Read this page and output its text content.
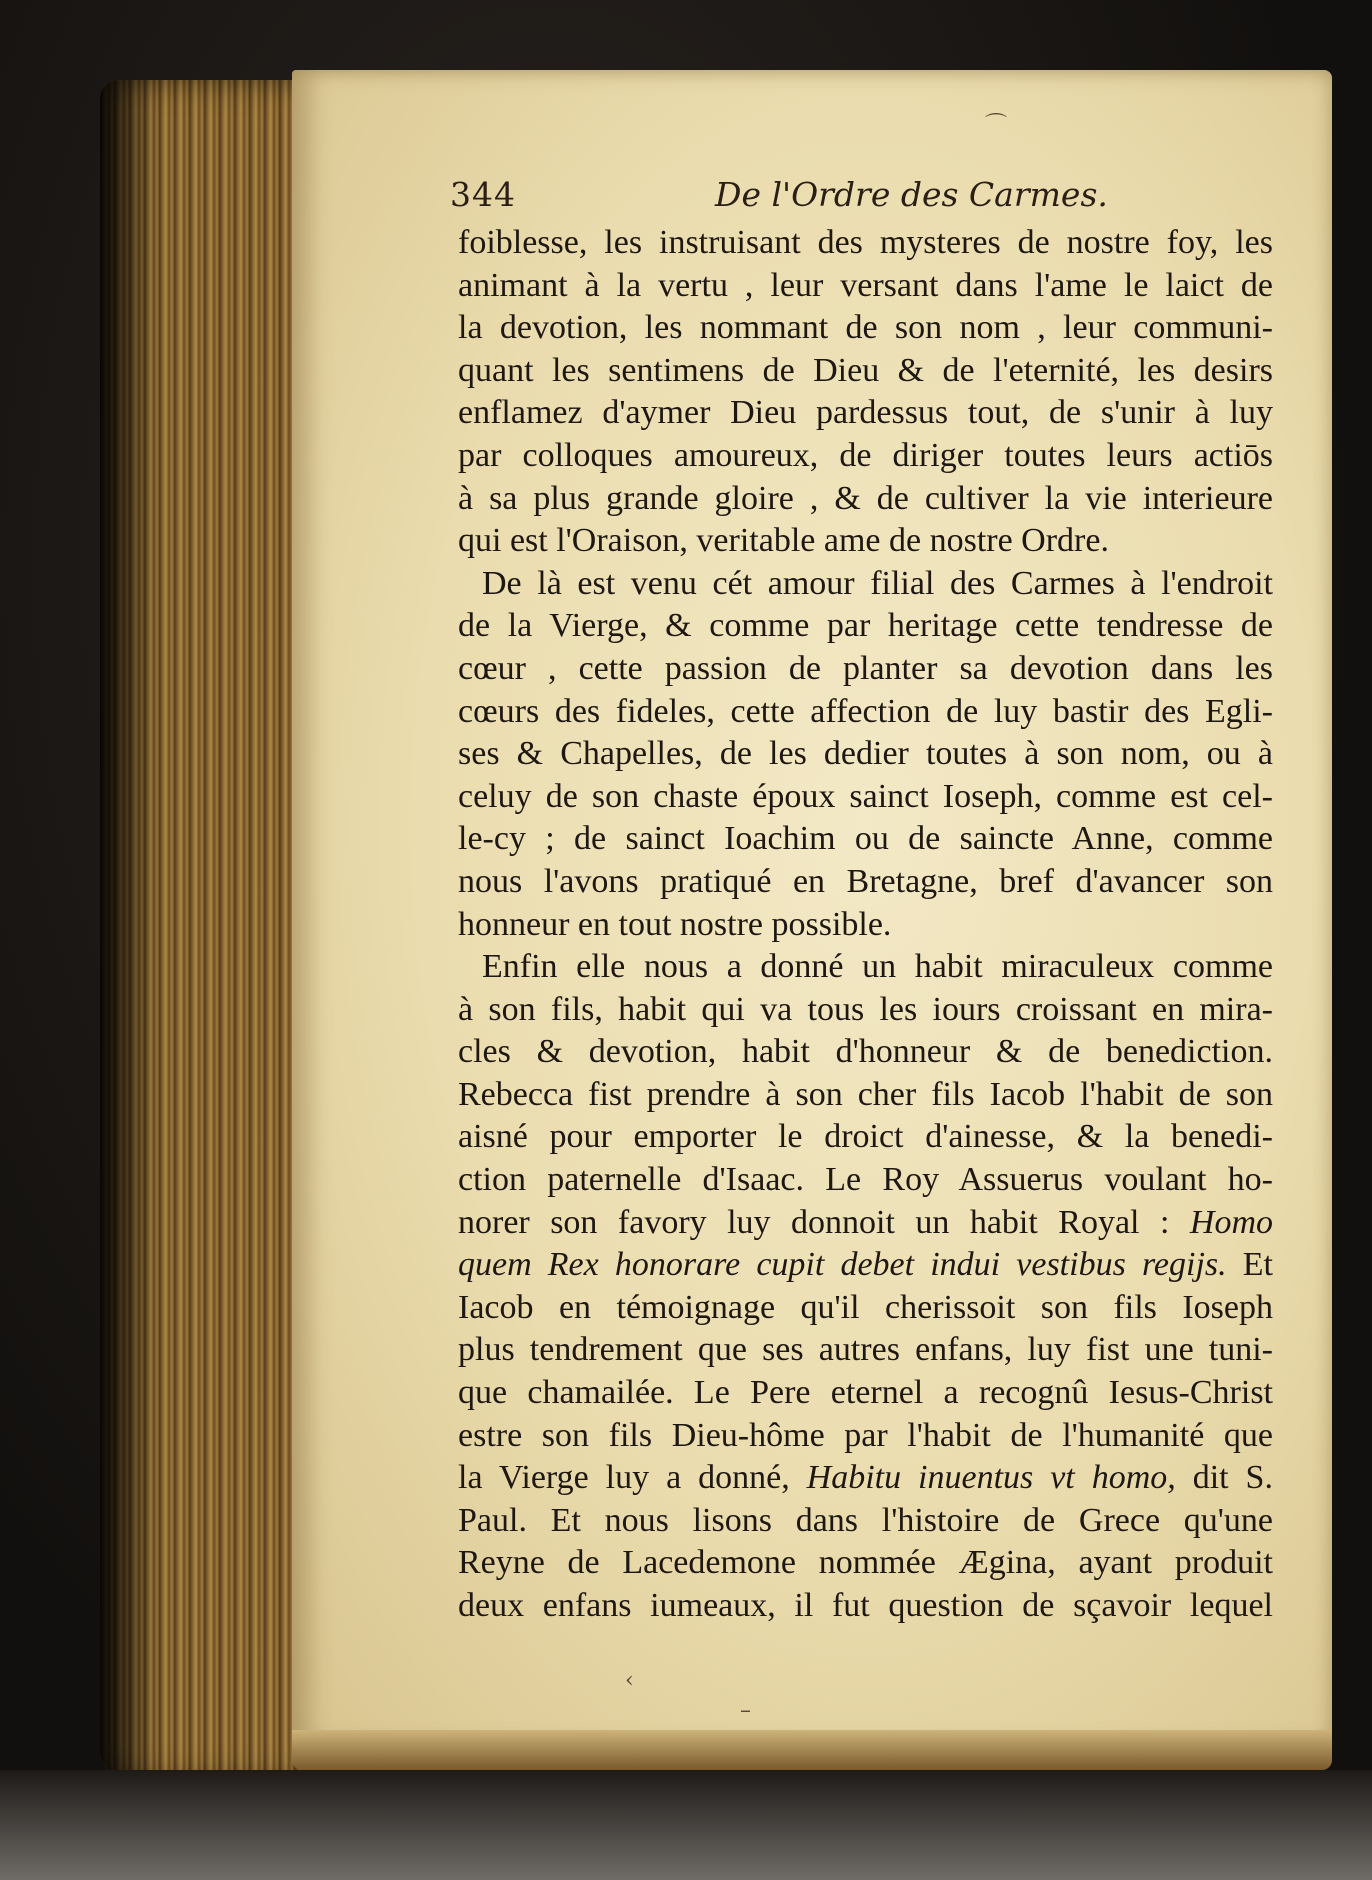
344	De l'Ordre des Carmes.
foiblesse, les instruisant des mysteres de nostre foy, les
animant à la vertu , leur versant dans l'ame le laict de
la devotion, les nommant de son nom , leur communi-
quant les sentimens de Dieu & de l'eternité, les desirs
enflamez d'aymer Dieu pardessus tout, de s'unir à luy
par colloques amoureux, de diriger toutes leurs actiōs
à sa plus grande gloire , & de cultiver la vie interieure
qui est l'Oraison, veritable ame de nostre Ordre.
De là est venu cét amour filial des Carmes à l'endroit
de la Vierge, & comme par heritage cette tendresse de
cœur , cette passion de planter sa devotion dans les
cœurs des fideles, cette affection de luy bastir des Egli-
ses & Chapelles, de les dedier toutes à son nom, ou à
celuy de son chaste époux sainct Ioseph, comme est cel-
le-cy ; de sainct Ioachim ou de saincte Anne, comme
nous l'avons pratiqué en Bretagne, bref d'avancer son
honneur en tout nostre possible.
Enfin elle nous a donné un habit miraculeux comme
à son fils, habit qui va tous les iours croissant en mira-
cles & devotion, habit d'honneur & de benediction.
Rebecca fist prendre à son cher fils Iacob l'habit de son
aisné pour emporter le droict d'ainesse, & la benedi-
ction paternelle d'Isaac. Le Roy Assuerus voulant ho-
norer son favory luy donnoit un habit Royal : Homo
quem Rex honorare cupit debet indui vestibus regijs. Et
Iacob en témoignage qu'il cherissoit son fils Ioseph
plus tendrement que ses autres enfans, luy fist une tuni-
que chamailée. Le Pere eternel a recognû Iesus-Christ
estre son fils Dieu-hôme par l'habit de l'humanité que
la Vierge luy a donné, Habitu inuentus vt homo, dit S.
Paul. Et nous lisons dans l'histoire de Grece qu'une
Reyne de Lacedemone nommée Ægina, ayant produit
deux enfans iumeaux, il fut question de sçavoir lequel
⌒
‹
–
